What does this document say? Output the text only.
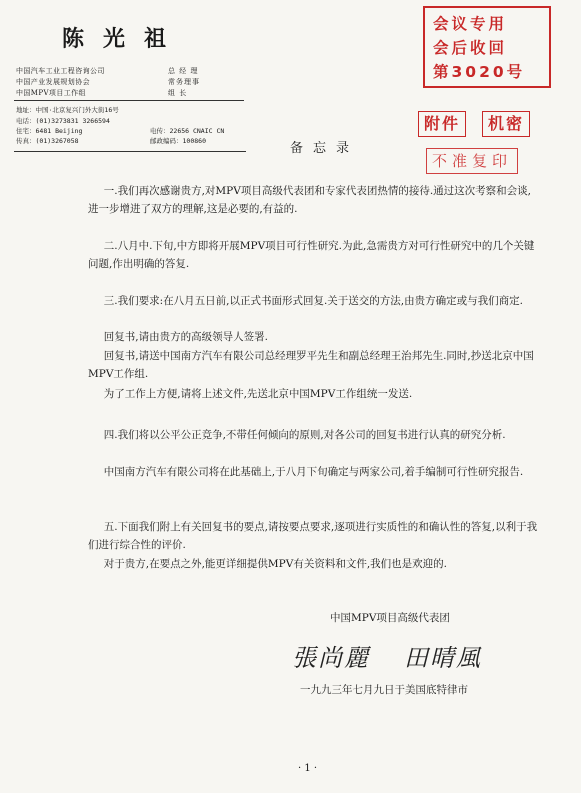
陈光祖
中国汽车工业工程咨询公司	总 经 理
中国产业发展规划协会	常务理事
中国MPV项目工作组	组 长
地址：中国·北京复兴门外大街16号
电话：(01)3273831 3266594
住宅：6481 Beijing
传真：(01)3267058
电传：22656 CNAIC CN
邮政编码：100860
会议专用
会后收回
第3020号
附件	机密
不准复印
备忘录

一.我们再次感谢贵方,对MPV项目高级代表团和专家代表团热情的接待.通过这次考察和会谈,进一步增进了双方的理解,这是必要的,有益的.

二.八月中.下旬,中方即将开展MPV项目可行性研究.为此,急需贵方对可行性研究中的几个关键问题,作出明确的答复.

三.我们要求:在八月五日前,以正式书面形式回复.关于送交的方法,由贵方确定或与我们商定.

回复书,请由贵方的高级领导人签署.

回复书,请送中国南方汽车有限公司总经理罗平先生和副总经理王治邦先生.同时,抄送北京中国MPV工作组.

为了工作上方便,请将上述文件,先送北京中国MPV工作组统一发送.

四.我们将以公平公正竞争,不带任何倾向的原则,对各公司的回复书进行认真的研究分析.

中国南方汽车有限公司将在此基础上,于八月下旬确定与两家公司,着手编制可行性研究报告.

五.下面我们附上有关回复书的要点,请按要点要求,逐项进行实质性的和确认性的答复,以利于我们进行综合性的评价.

对于贵方,在要点之外,能更详细提供MPV有关资料和文件,我们也是欢迎的.

中国MPV项目高级代表团
張尚麗 田晴風
一九九三年七月九日于美国底特律市
· 1 ·
